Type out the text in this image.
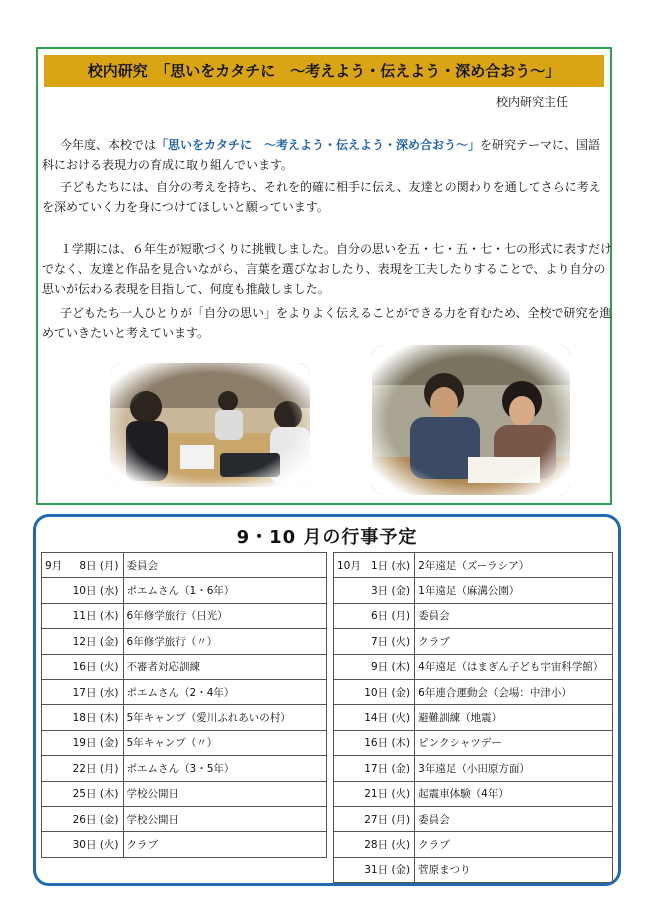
校内研究　「思いをカタチに　～考えよう・伝えよう・深め合おう～」
校内研究主任

今年度、本校では「思いをカタチに　～考えよう・伝えよう・深め合おう～」を研究テーマに、国語科における表現力の育成に取り組んでいます。

子どもたちには、自分の考えを持ち、それを的確に相手に伝え、友達との関わりを通してさらに考えを深めていく力を身につけてほしいと願っています。

１学期には、６年生が短歌づくりに挑戦しました。自分の思いを五・七・五・七・七の形式に表すだけでなく、友達と作品を見合いながら、言葉を選びなおしたり、表現を工夫したりすることで、より自分の思いが伝わる表現を目指して、何度も推敲しました。

子どもたち一人ひとりが「自分の思い」をよりよく伝えることができる力を育むため、全校で研究を進めていきたいと考えています。

9・10 月の行事予定
9月 8日 (月)	委員会
10日 (水)	ポエムさん（1・6年）
11日 (木)	6年修学旅行（日光）
12日 (金)	6年修学旅行（〃）
16日 (火)	不審者対応訓練
17日 (水)	ポエムさん（2・4年）
18日 (木)	5年キャンプ（愛川ふれあいの村）
19日 (金)	5年キャンプ（〃）
22日 (月)	ポエムさん（3・5年）
25日 (木)	学校公開日
26日 (金)	学校公開日
30日 (火)	クラブ
10月 1日 (水)	2年遠足（ズーラシア）
3日 (金)	1年遠足（麻溝公園）
6日 (月)	委員会
7日 (火)	クラブ
9日 (木)	4年遠足（はまぎん子ども宇宙科学館）
10日 (金)	6年連合運動会（会場：中津小）
14日 (火)	避難訓練（地震）
16日 (木)	ピンクシャツデー
17日 (金)	3年遠足（小田原方面）
21日 (火)	起震車体験（4年）
27日 (月)	委員会
28日 (火)	クラブ
31日 (金)	菅原まつり
